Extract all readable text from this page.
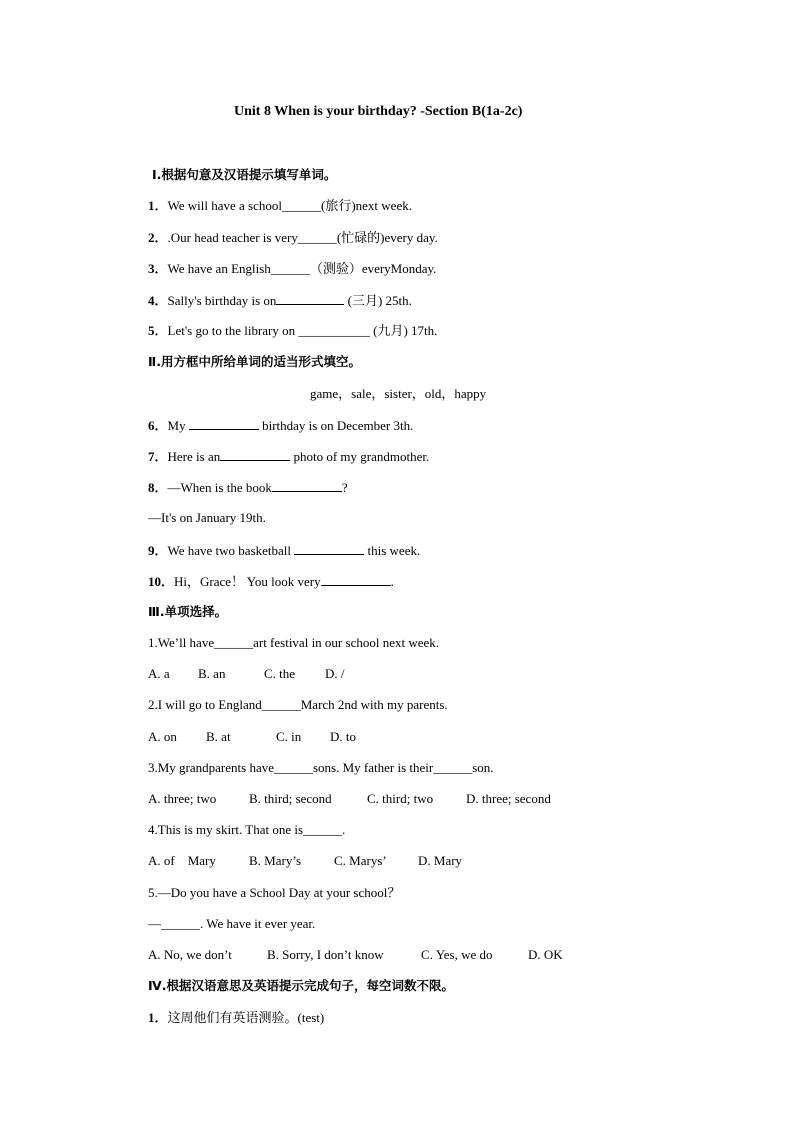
Unit 8 When is your birthday? -Section B(1a-2c)
Ⅰ.根据句意及汉语提示填写单词。
1．We will have a school______(旅行)next week.
2．.Our head teacher is very______(忙碌的)every day.
3．We have an English______（测验）everyMonday.
4．Sally's birthday is on	(三月) 25th.
5．Let's go to the library on ___________ (九月) 17th.
Ⅱ.用方框中所给单词的适当形式填空。
game，sale，sister，old，happy
6．My	birthday is on December 3th.
7．Here is an	photo of my grandmother.
8．—When is the book	?
—It's on January 19th.
9．We have two basketball	this week.
10．Hi，Grace！ You look very	.
Ⅲ.单项选择。
1.We’ll have______art festival in our school next week.
A. a B. an	C. the D. /
2.I will go to England______March 2nd with my parents.
A. on B. at	C. in D. to
3.My grandparents have______sons. My father is their______son.
A. three; two	B. third; second	C. third; two	D. three; second
4.This is my skirt. That one is______.
A. of    Mary	B. Mary’s	C. Marys’ D. Mary
5.—Do you have a School Day at your school？
—______. We have it ever year.
A. No, we don’t	B. Sorry, I don’t know	C. Yes, we do	D. OK
Ⅳ.根据汉语意思及英语提示完成句子，每空词数不限。
1．这周他们有英语测验。(test)
